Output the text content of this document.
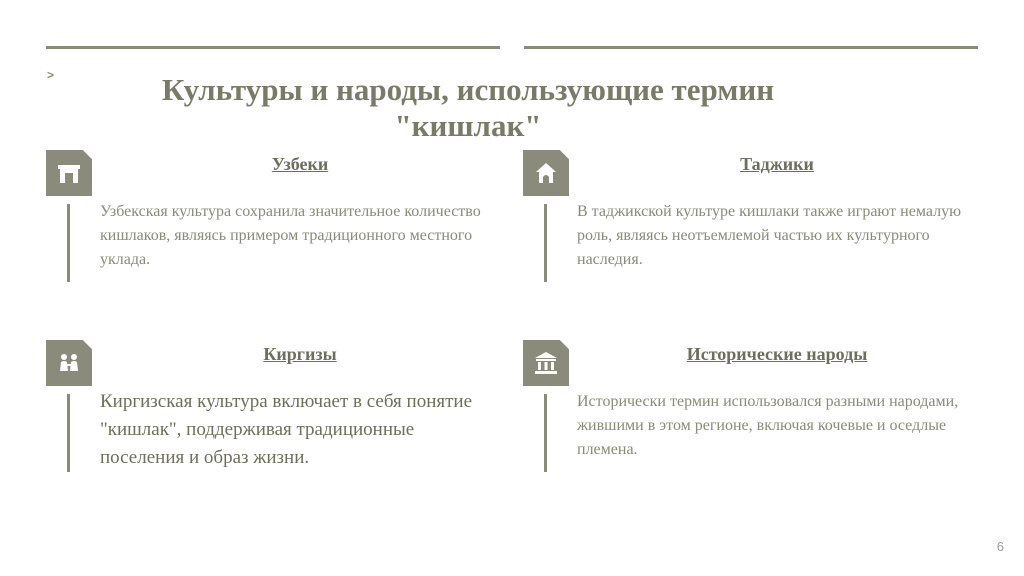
>	Культуры и народы, использующие термин
"кишлак"
Узбеки
Узбекская культура сохранила значительное количество кишлаков, являясь примером традиционного местного уклада.
Таджики
В таджикской культуре кишлаки также играют немалую роль, являясь неотъемлемой частью их культурного наследия.
Киргизы
Киргизская культура включает в себя понятие "кишлак", поддерживая традиционные поселения и образ жизни.
Исторические народы
Исторически термин использовался разными народами, жившими в этом регионе, включая кочевые и оседлые племена.
6
